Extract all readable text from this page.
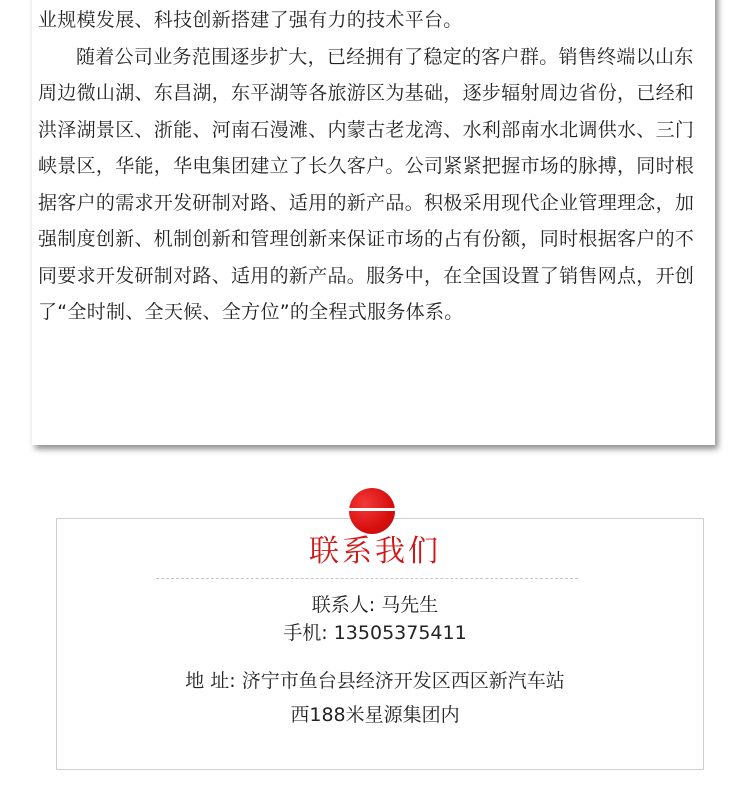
业规模发展、科技创新搭建了强有力的技术平台。

随着公司业务范围逐步扩大，已经拥有了稳定的客户群。销售终端以山东周边微山湖、东昌湖，东平湖等各旅游区为基础，逐步辐射周边省份，已经和洪泽湖景区、浙能、河南石漫滩、内蒙古老龙湾、水利部南水北调供水、三门峡景区，华能，华电集团建立了长久客户。公司紧紧把握市场的脉搏，同时根据客户的需求开发研制对路、适用的新产品。积极采用现代企业管理理念，加强制度创新、机制创新和管理创新来保证市场的占有份额，同时根据客户的不同要求开发研制对路、适用的新产品。服务中，在全国设置了销售网点，开创了“全时制、全天候、全方位”的全程式服务体系。

联系我们
联系人: 马先生
手机: 13505375411
地 址: 济宁市鱼台县经济开发区西区新汽车站
西188米星源集团内
